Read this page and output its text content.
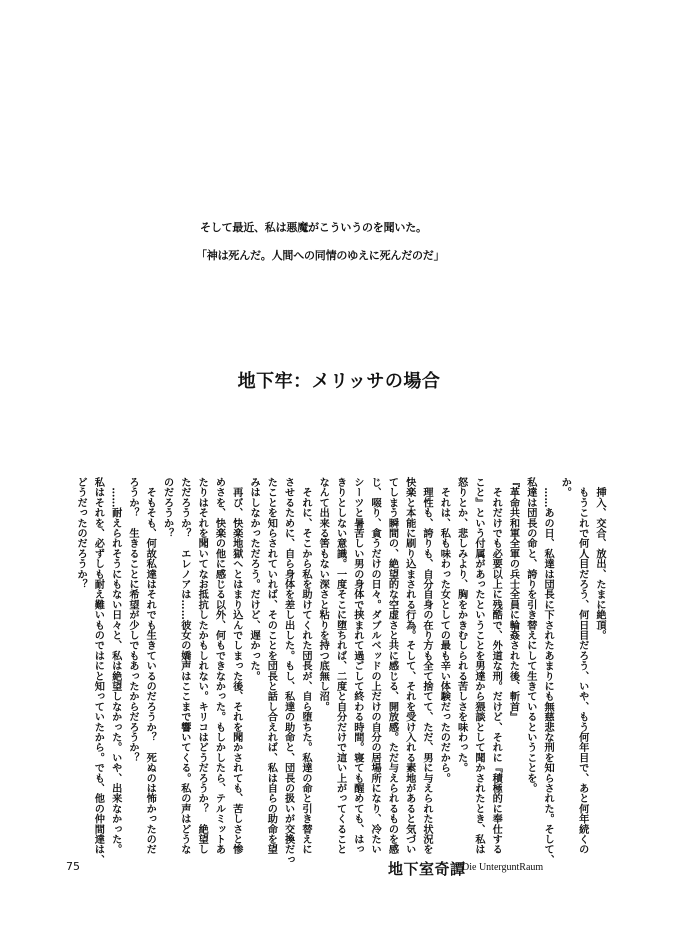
そして最近、私は悪魔がこういうのを聞いた。
「神は死んだ。人間への同情のゆえに死んだのだ」
地下牢：メリッサの場合
　挿入、交合、放出、たまに絶頂。
　もうこれで何人目だろう、何日目だろう、いや、もう何年目で、あと何年続くの
か。
　……あの日、私達は団長に下されたあまりにも無慈悲な刑を知らされた。そして、
私達は団長の命と、誇りを引き替えにして生きているということを。
『革命共和軍全軍の兵士全員に輪姦された後、斬首』
　それだけでも必要以上に残酷で、外道な刑。だけど、それに『積極的に奉仕する
こと』という付属があったということを男達から猥談として聞かされたとき、私は
怒りとか、悲しみより、胸をかきむしられる苦しさを味わった。
　それは、私も味わった女としての最も辛い体験だったのだから。
　理性も、誇りも、自分自身の在り方も全て捨てて、ただ、男に与えられた状況を
快楽と本能に刷り込まされる行為。そして、それを受け入れる素地があると気づい
てしまう瞬間の、絶望的な空虚さと共に感じる、開放感。ただ与えられるものを感
じ、啜り、貪うだけの日々。ダブルベッドの上だけの自分の居場所になり、冷たい
シーツと暑苦しい男の身体で挟まれて過ごして終わる時間。寝ても醒めても、はっ
きりとしない意識。一度そこに堕ちれば、二度と自分だけで這い上がってくること
なんて出来る筈もない深さと粘りを持つ底無し沼。
　それに、そこから私を助けてくれた団長が、自ら堕ちた。私達の命と引き替えに
させるために、自ら身体を差し出した。もし、私達の助命と、団長の扱いが交換だっ
たことを知らされていれば、そのことを団長と話し合えれば、私は自らの助命を望
みはしなかっただろう。だけど、遅かった。
　再び、快楽地獄へとはまり込んでしまった後、それを聞かされても、苦しさと惨
めさを、快楽の他に感じる以外、何もできなかった。もしかしたら、テルミットあ
たりはそれを聞いてなお抵抗したかもしれない。キリコはどうだろうか？　絶望し
ただろうか？　エレノアは……彼女の嬌声はここまで響いてくる。私の声はどうな
のだろうか？
　そもそも、何故私達はそれでも生きているのだろうか？　死ぬのは怖かったのだ
ろうか？　生きることに希望が少しでもあったからだろうか？
　……耐えられそうにもない日々と、私は絶望しなかった。いや、出来なかった。
私はそれを、必ずしも耐え難いものではにと知っていたから。でも、他の仲間達は、
どうだったのだろうか？
75	地下室奇譚
Die UnterguntRaum
